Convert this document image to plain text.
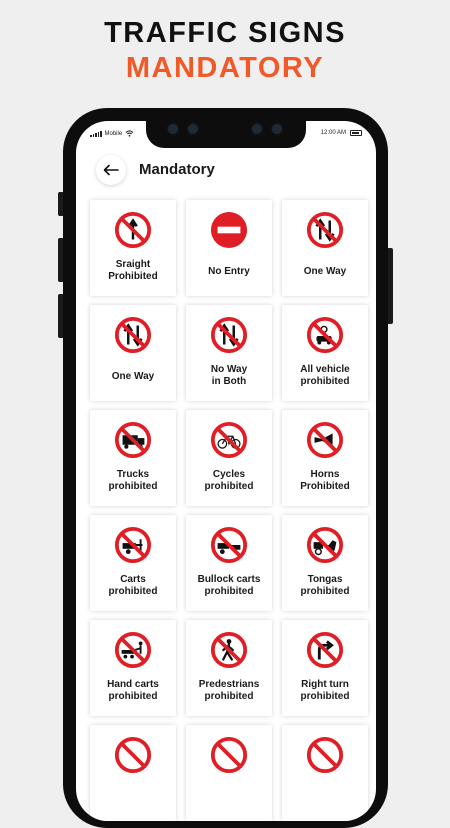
TRAFFIC SIGNS
MANDATORY
Mobile	12:00 AM
Mandatory
Sraight
Prohibited	No Entry	One Way
One Way
No Way
in Both
All vehicle
prohibited
Trucks
prohibited
Cycles
prohibited
Horns
Prohibited
Carts
prohibited
Bullock carts
prohibited
Tongas
prohibited
Hand carts
prohibited
Predestrians
prohibited
Right turn
prohibited
